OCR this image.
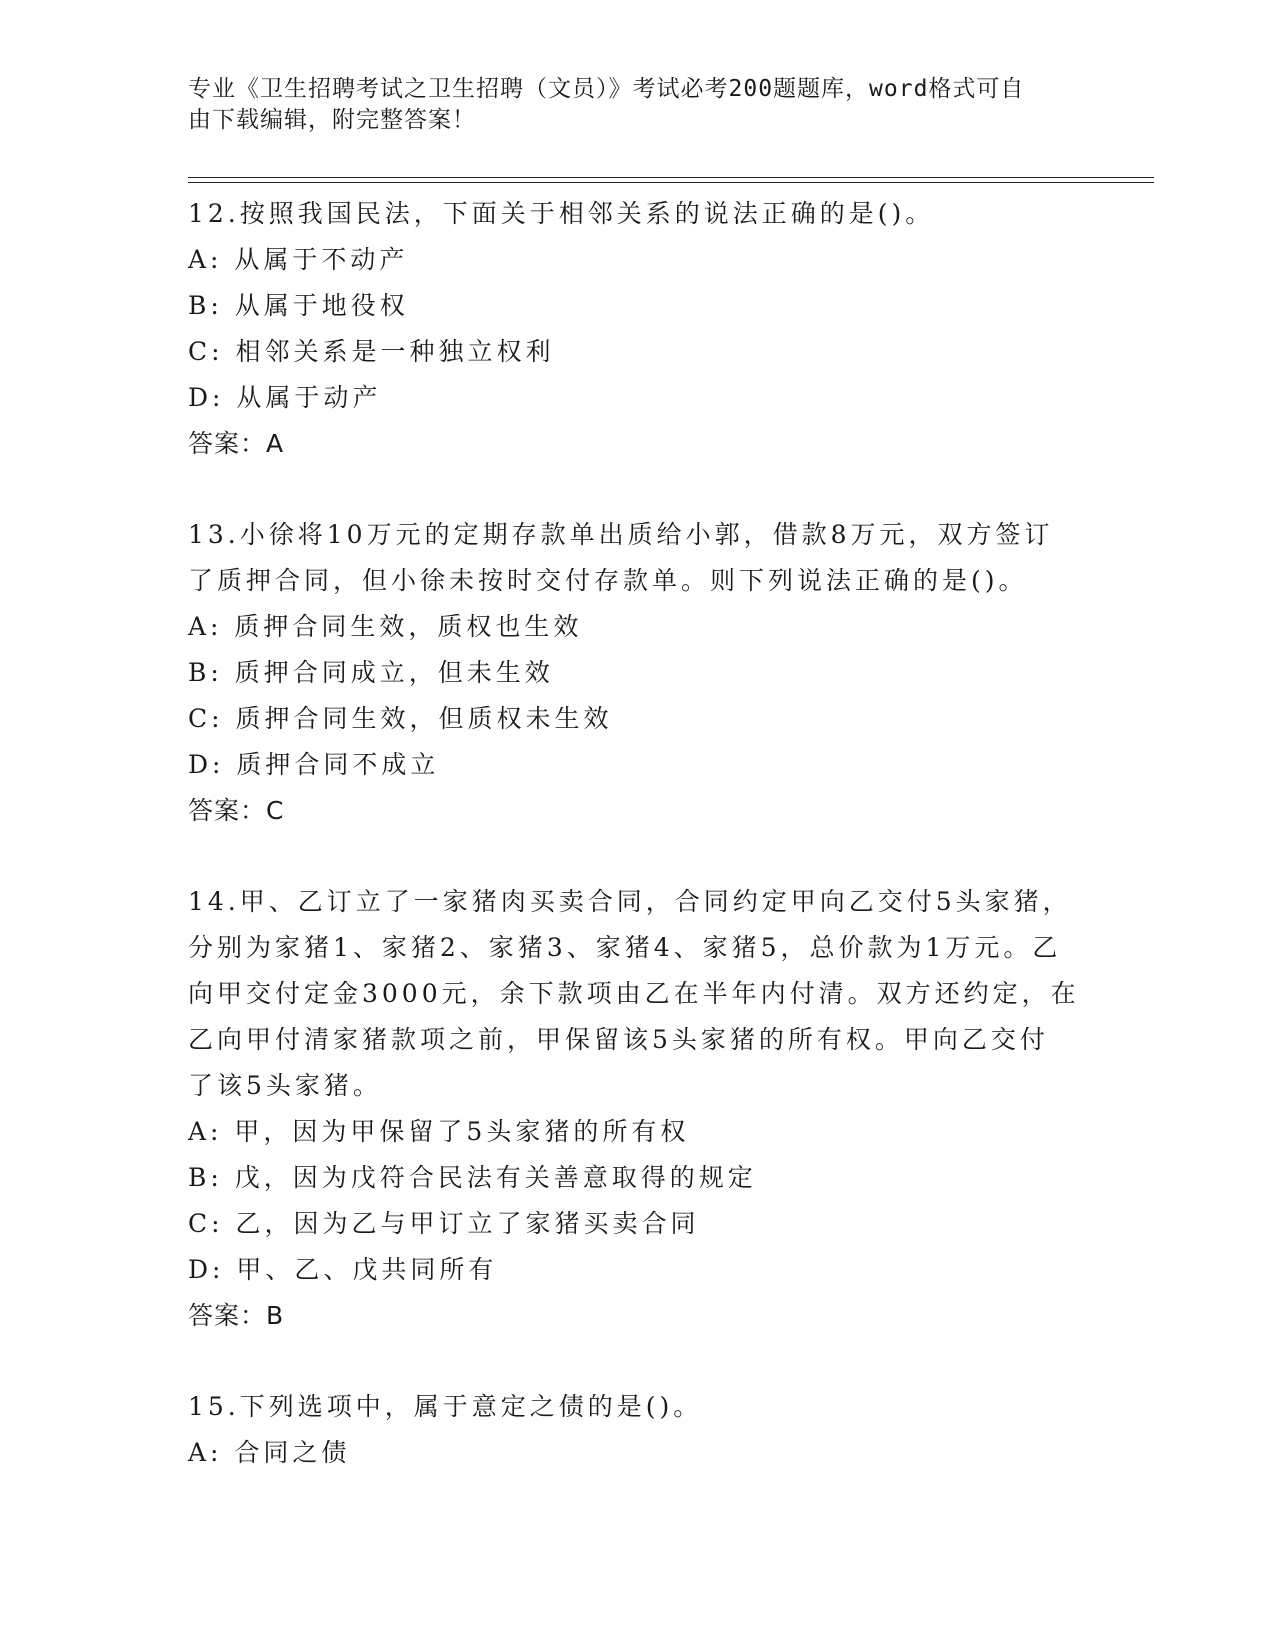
专业《卫生招聘考试之卫生招聘（文员）》考试必考200题题库，word格式可自
由下载编辑，附完整答案！
12.按照我国民法，下面关于相邻关系的说法正确的是()。
A: 从属于不动产
B: 从属于地役权
C: 相邻关系是一种独立权利
D: 从属于动产
答案：A
13.小徐将10万元的定期存款单出质给小郭，借款8万元，双方签订
了质押合同，但小徐未按时交付存款单。则下列说法正确的是()。
A: 质押合同生效，质权也生效
B: 质押合同成立，但未生效
C: 质押合同生效，但质权未生效
D: 质押合同不成立
答案：C
14.甲、乙订立了一家猪肉买卖合同，合同约定甲向乙交付5头家猪，
分别为家猪1、家猪2、家猪3、家猪4、家猪5，总价款为1万元。乙
向甲交付定金3000元，余下款项由乙在半年内付清。双方还约定，在
乙向甲付清家猪款项之前，甲保留该5头家猪的所有权。甲向乙交付
了该5头家猪。
A: 甲，因为甲保留了5头家猪的所有权
B: 戊，因为戊符合民法有关善意取得的规定
C: 乙，因为乙与甲订立了家猪买卖合同
D: 甲、乙、戊共同所有
答案：B
15.下列选项中，属于意定之债的是()。
A: 合同之债
